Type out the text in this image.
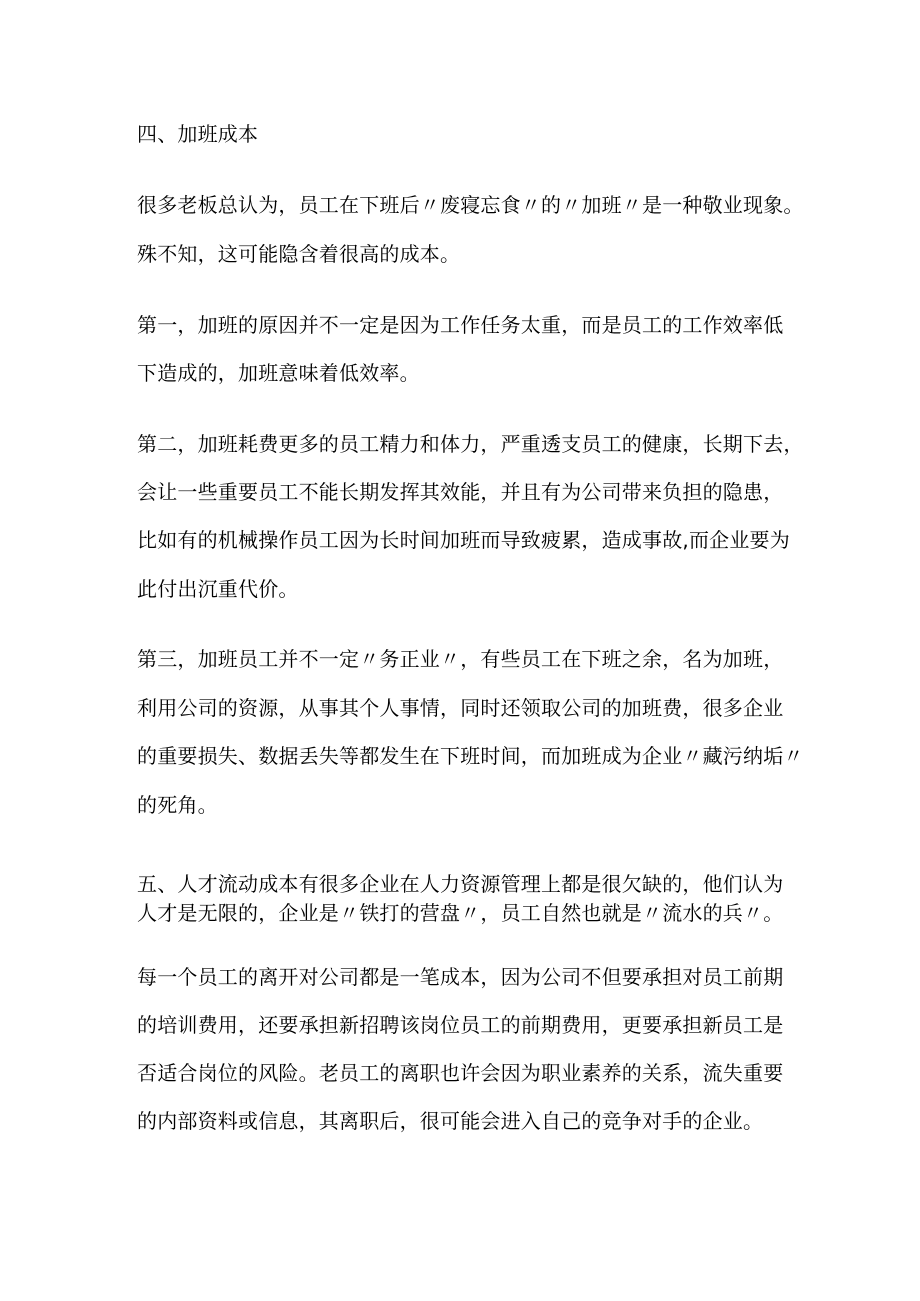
四、加班成本
很多老板总认为，员工在下班后〃废寝忘食〃的〃加班〃是一种敬业现象。
殊不知，这可能隐含着很高的成本。
第一，加班的原因并不一定是因为工作任务太重，而是员工的工作效率低
下造成的，加班意味着低效率。
第二，加班耗费更多的员工精力和体力，严重透支员工的健康，长期下去，
会让一些重要员工不能长期发挥其效能，并且有为公司带来负担的隐患，
比如有的机械操作员工因为长时间加班而导致疲累，造成事故,而企业要为
此付出沉重代价。
第三，加班员工并不一定〃务正业〃，有些员工在下班之余，名为加班，
利用公司的资源，从事其个人事情，同时还领取公司的加班费，很多企业
的重要损失、数据丢失等都发生在下班时间，而加班成为企业〃藏污纳垢〃
的死角。
五、人才流动成本有很多企业在人力资源管理上都是很欠缺的，他们认为
人才是无限的，企业是〃铁打的营盘〃，员工自然也就是〃流水的兵〃。
每一个员工的离开对公司都是一笔成本，因为公司不但要承担对员工前期
的培训费用，还要承担新招聘该岗位员工的前期费用，更要承担新员工是
否适合岗位的风险。老员工的离职也许会因为职业素养的关系，流失重要
的内部资料或信息，其离职后，很可能会进入自己的竞争对手的企业。
